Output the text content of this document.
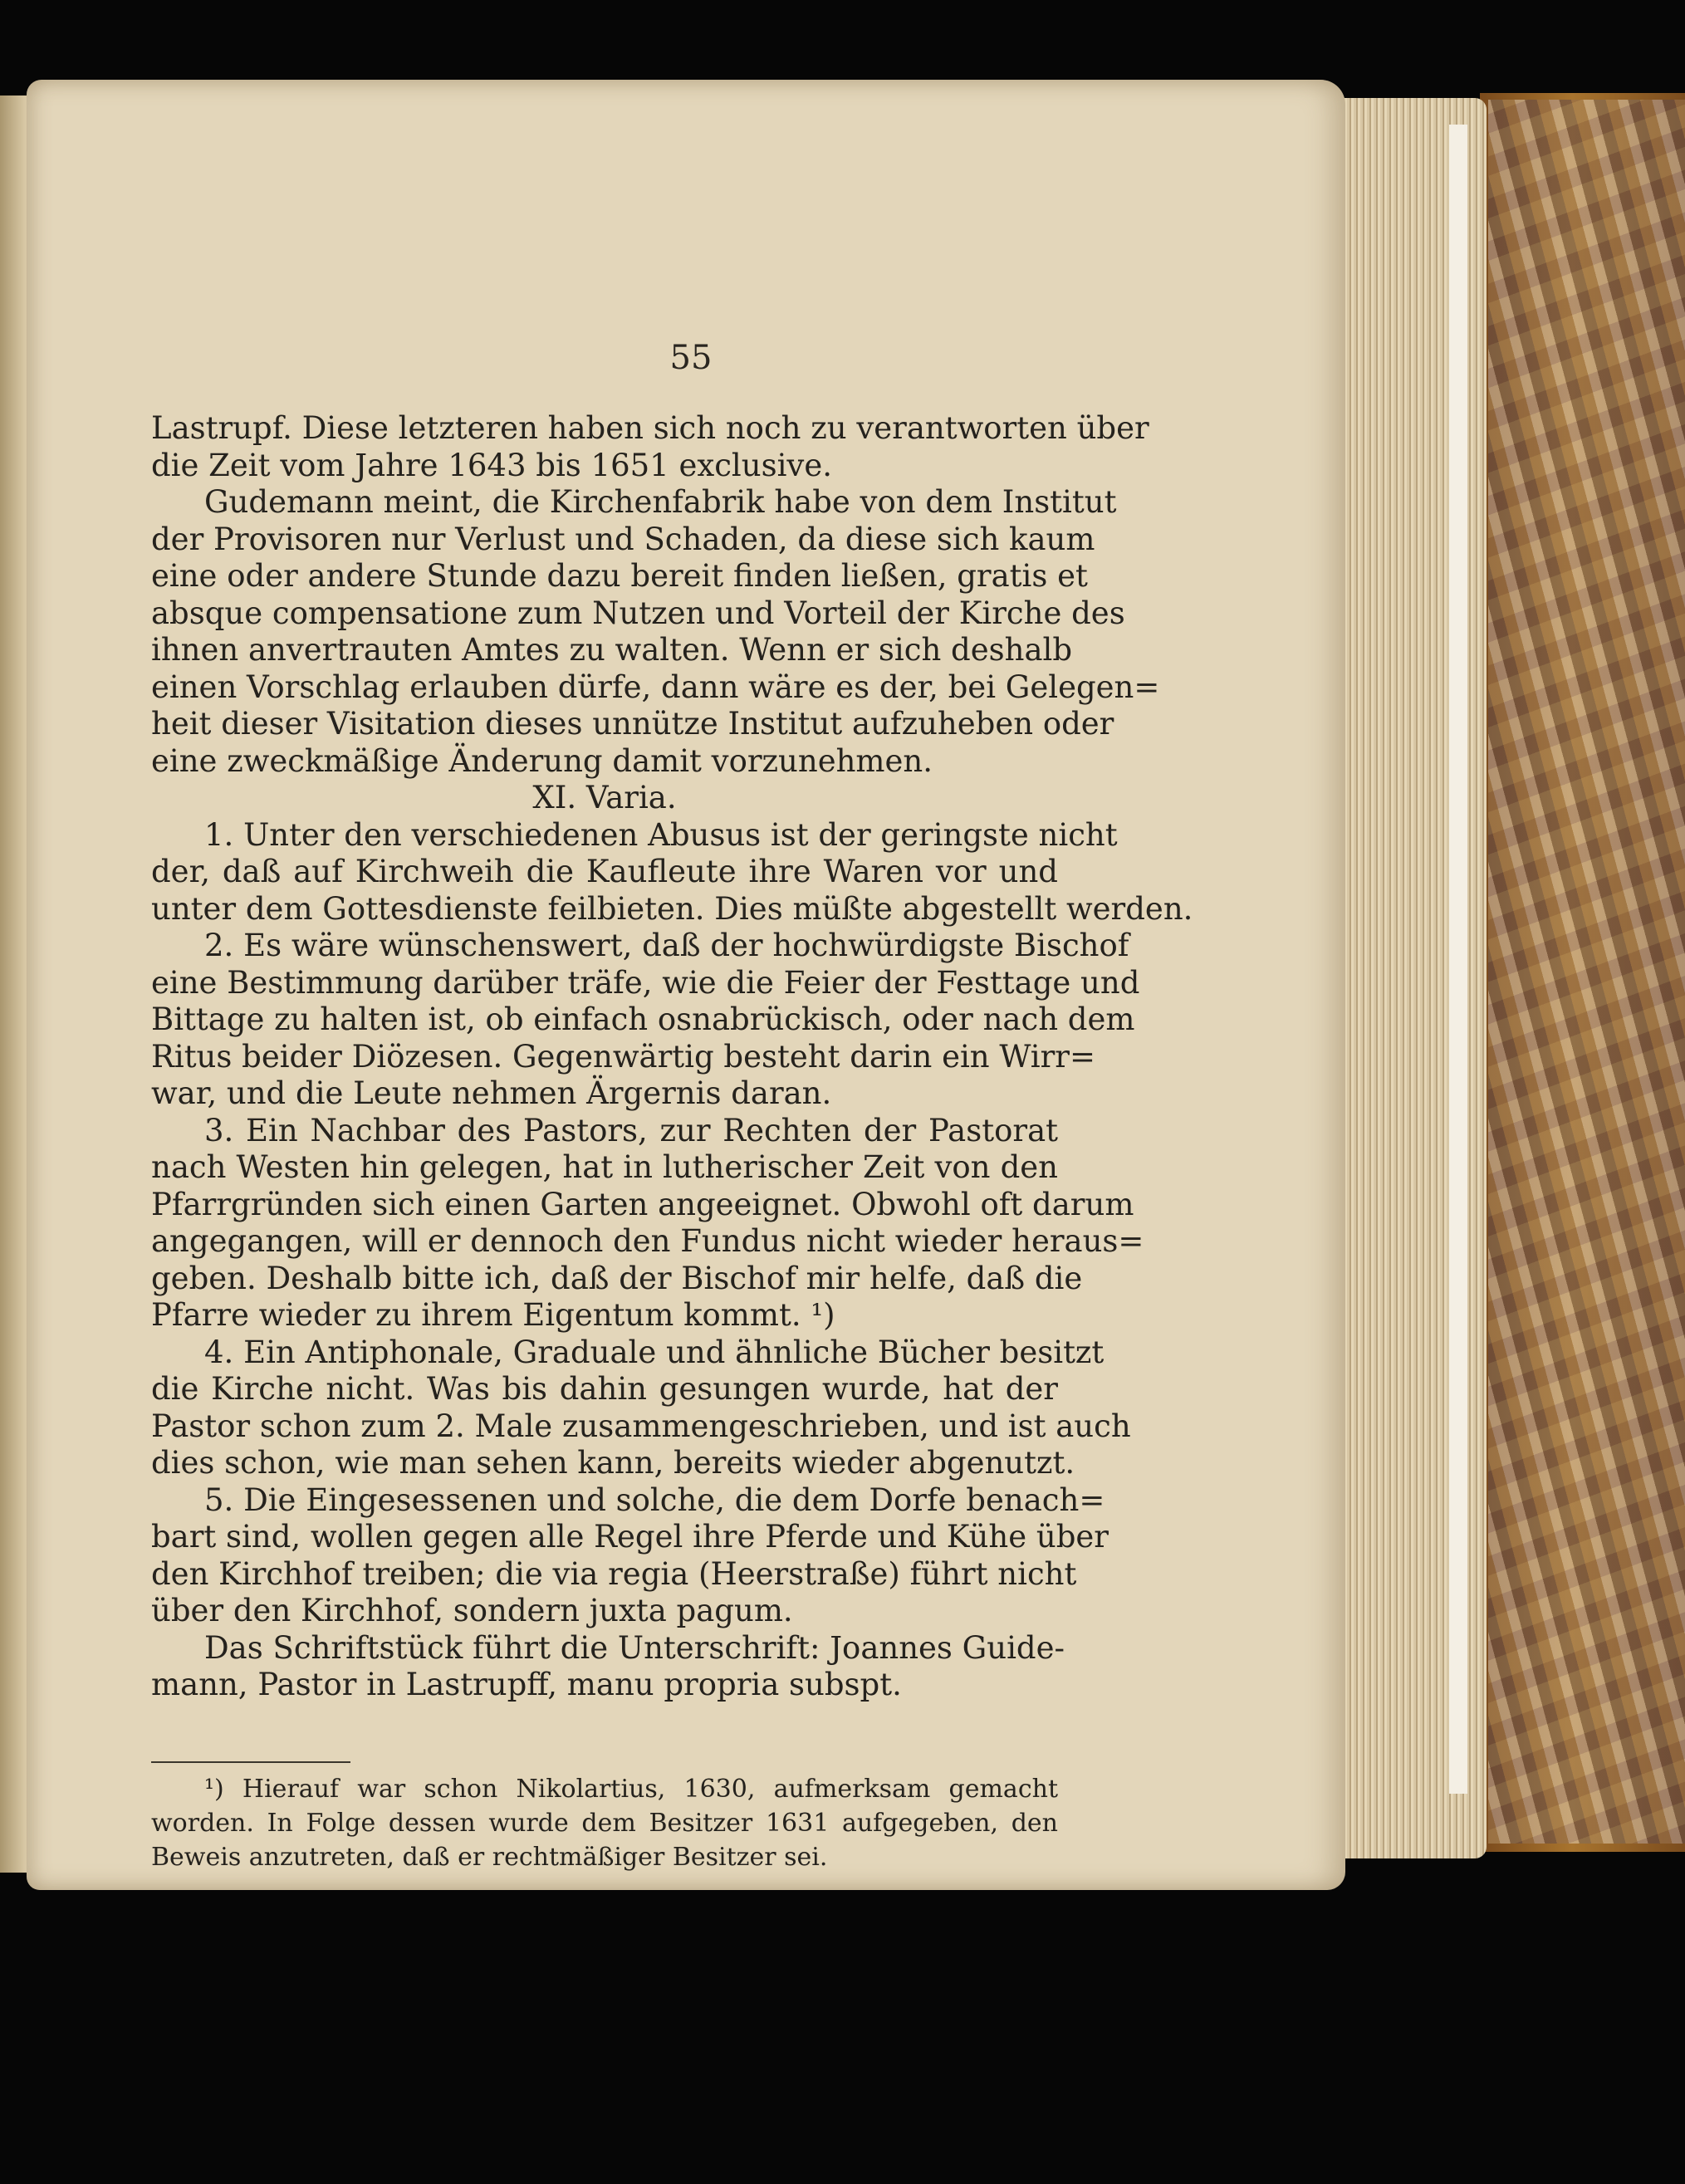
55
Lastrupf. Diese letzteren haben sich noch zu verantworten über
die Zeit vom Jahre 1643 bis 1651 exclusive.
Gudemann meint, die Kirchenfabrik habe von dem Institut
der Provisoren nur Verlust und Schaden, da diese sich kaum
eine oder andere Stunde dazu bereit finden ließen, gratis et
absque compensatione zum Nutzen und Vorteil der Kirche des
ihnen anvertrauten Amtes zu walten. Wenn er sich deshalb
einen Vorschlag erlauben dürfe, dann wäre es der, bei Gelegen=
heit dieser Visitation dieses unnütze Institut aufzuheben oder
eine zweckmäßige Änderung damit vorzunehmen.
XI. Varia.
1. Unter den verschiedenen Abusus ist der geringste nicht
der, daß auf Kirchweih die Kaufleute ihre Waren vor und
unter dem Gottesdienste feilbieten. Dies müßte abgestellt werden.
2. Es wäre wünschenswert, daß der hochwürdigste Bischof
eine Bestimmung darüber träfe, wie die Feier der Festtage und
Bittage zu halten ist, ob einfach osnabrückisch, oder nach dem
Ritus beider Diözesen. Gegenwärtig besteht darin ein Wirr=
war, und die Leute nehmen Ärgernis daran.
3. Ein Nachbar des Pastors, zur Rechten der Pastorat
nach Westen hin gelegen, hat in lutherischer Zeit von den
Pfarrgründen sich einen Garten angeeignet. Obwohl oft darum
angegangen, will er dennoch den Fundus nicht wieder heraus=
geben. Deshalb bitte ich, daß der Bischof mir helfe, daß die
Pfarre wieder zu ihrem Eigentum kommt. ¹)
4. Ein Antiphonale, Graduale und ähnliche Bücher besitzt
die Kirche nicht. Was bis dahin gesungen wurde, hat der
Pastor schon zum 2. Male zusammengeschrieben, und ist auch
dies schon, wie man sehen kann, bereits wieder abgenutzt.
5. Die Eingesessenen und solche, die dem Dorfe benach=
bart sind, wollen gegen alle Regel ihre Pferde und Kühe über
den Kirchhof treiben; die via regia (Heerstraße) führt nicht
über den Kirchhof, sondern juxta pagum.
Das Schriftstück führt die Unterschrift: Joannes Guide-
mann, Pastor in Lastrupff, manu propria subspt.
¹) Hierauf war schon Nikolartius, 1630, aufmerksam gemacht
worden. In Folge dessen wurde dem Besitzer 1631 aufgegeben, den
Beweis anzutreten, daß er rechtmäßiger Besitzer sei.
